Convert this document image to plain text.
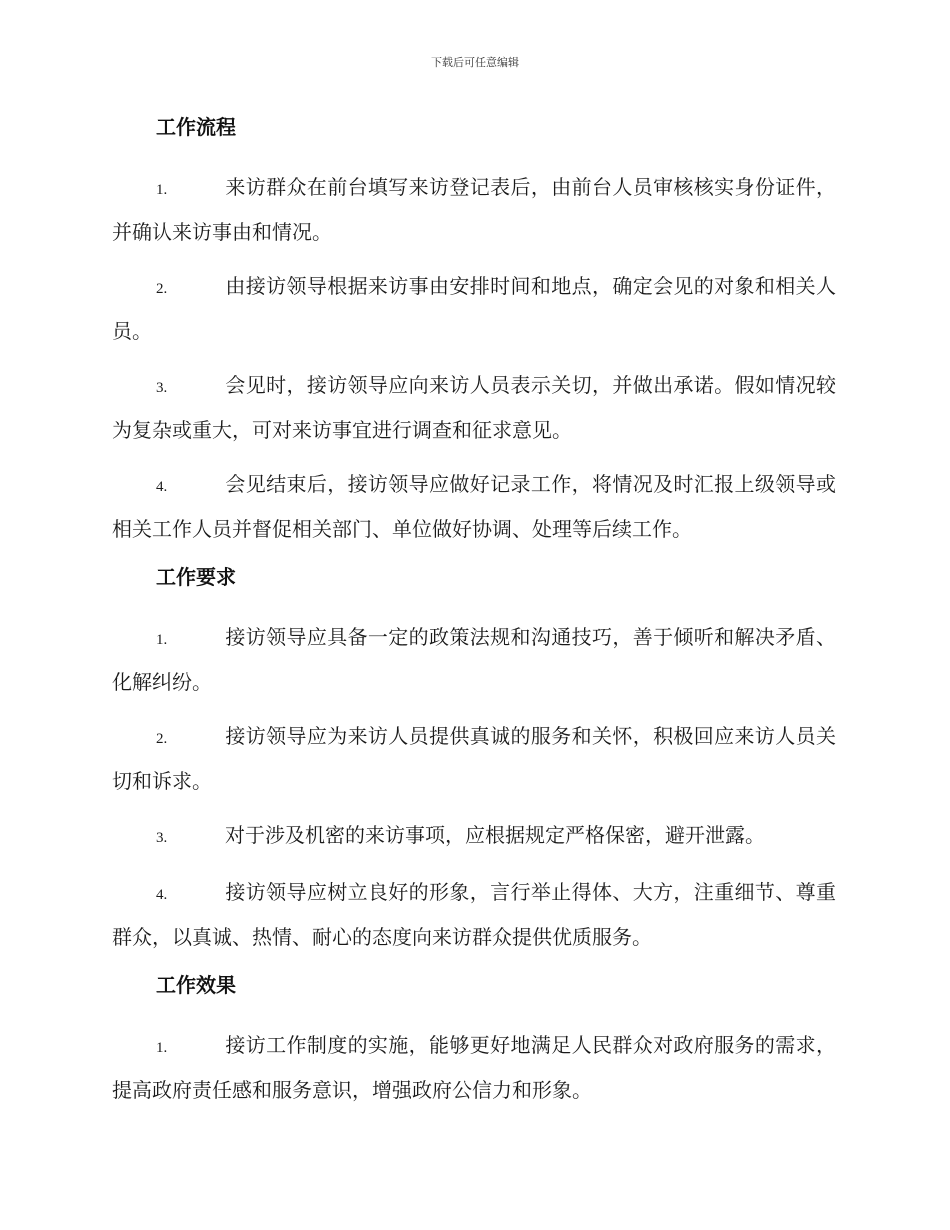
下载后可任意编辑
工作流程

1.	来访群众在前台填写来访登记表后，由前台人员审核核实身份证件，并确认来访事由和情况。

2.	由接访领导根据来访事由安排时间和地点，确定会见的对象和相关人员。

3.	会见时，接访领导应向来访人员表示关切，并做出承诺。假如情况较为复杂或重大，可对来访事宜进行调查和征求意见。

4.	会见结束后，接访领导应做好记录工作，将情况及时汇报上级领导或相关工作人员并督促相关部门、单位做好协调、处理等后续工作。

工作要求

1.	接访领导应具备一定的政策法规和沟通技巧，善于倾听和解决矛盾、化解纠纷。

2.	接访领导应为来访人员提供真诚的服务和关怀，积极回应来访人员关切和诉求。

3.	对于涉及机密的来访事项，应根据规定严格保密，避开泄露。

4.	接访领导应树立良好的形象，言行举止得体、大方，注重细节、尊重群众，以真诚、热情、耐心的态度向来访群众提供优质服务。

工作效果

1.	接访工作制度的实施，能够更好地满足人民群众对政府服务的需求，提高政府责任感和服务意识，增强政府公信力和形象。
